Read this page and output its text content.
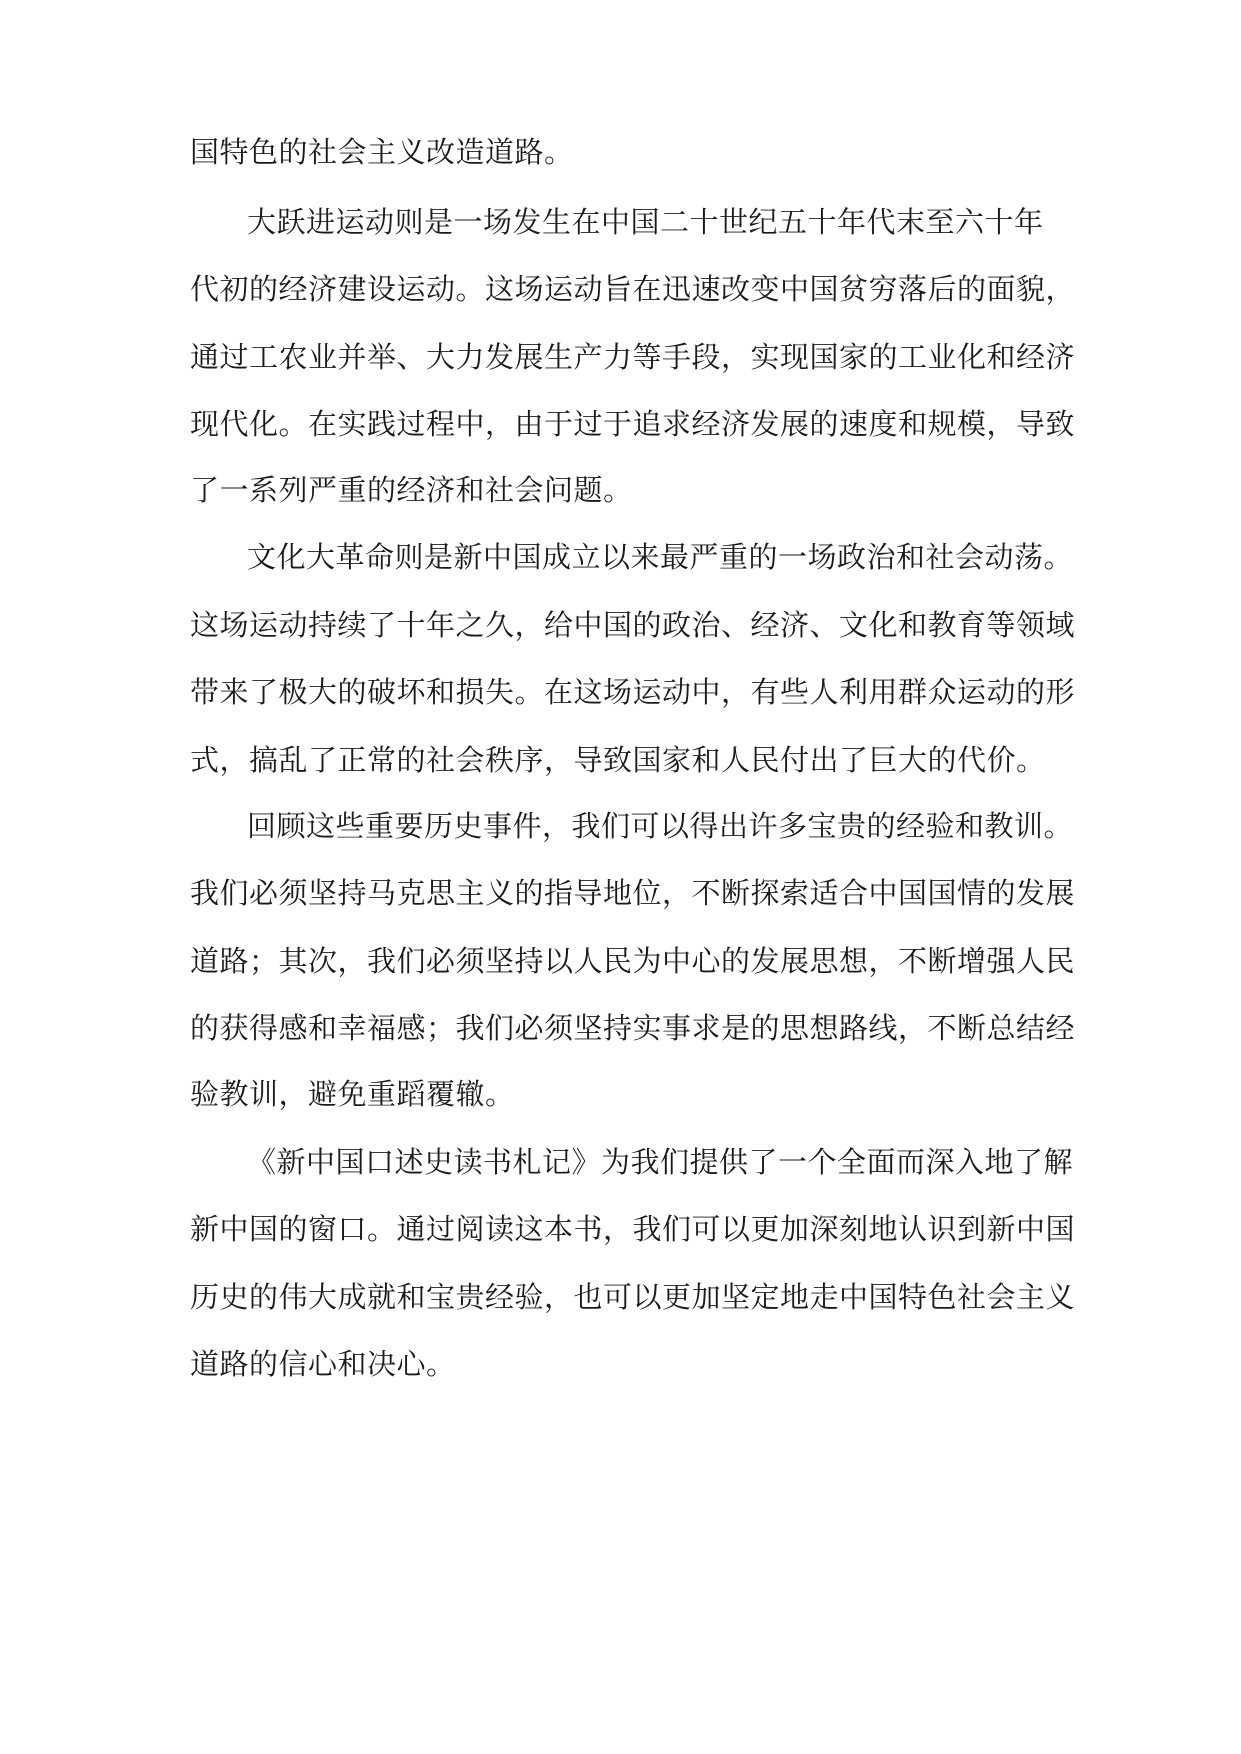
国特色的社会主义改造道路。
大跃进运动则是一场发生在中国二十世纪五十年代末至六十年
代初的经济建设运动。这场运动旨在迅速改变中国贫穷落后的面貌，
通过工农业并举、大力发展生产力等手段，实现国家的工业化和经济
现代化。在实践过程中，由于过于追求经济发展的速度和规模，导致
了一系列严重的经济和社会问题。
文化大革命则是新中国成立以来最严重的一场政治和社会动荡。
这场运动持续了十年之久，给中国的政治、经济、文化和教育等领域
带来了极大的破坏和损失。在这场运动中，有些人利用群众运动的形
式，搞乱了正常的社会秩序，导致国家和人民付出了巨大的代价。
回顾这些重要历史事件，我们可以得出许多宝贵的经验和教训。
我们必须坚持马克思主义的指导地位，不断探索适合中国国情的发展
道路；其次，我们必须坚持以人民为中心的发展思想，不断增强人民
的获得感和幸福感；我们必须坚持实事求是的思想路线，不断总结经
验教训，避免重蹈覆辙。
《新中国口述史读书札记》为我们提供了一个全面而深入地了解
新中国的窗口。通过阅读这本书，我们可以更加深刻地认识到新中国
历史的伟大成就和宝贵经验，也可以更加坚定地走中国特色社会主义
道路的信心和决心。
